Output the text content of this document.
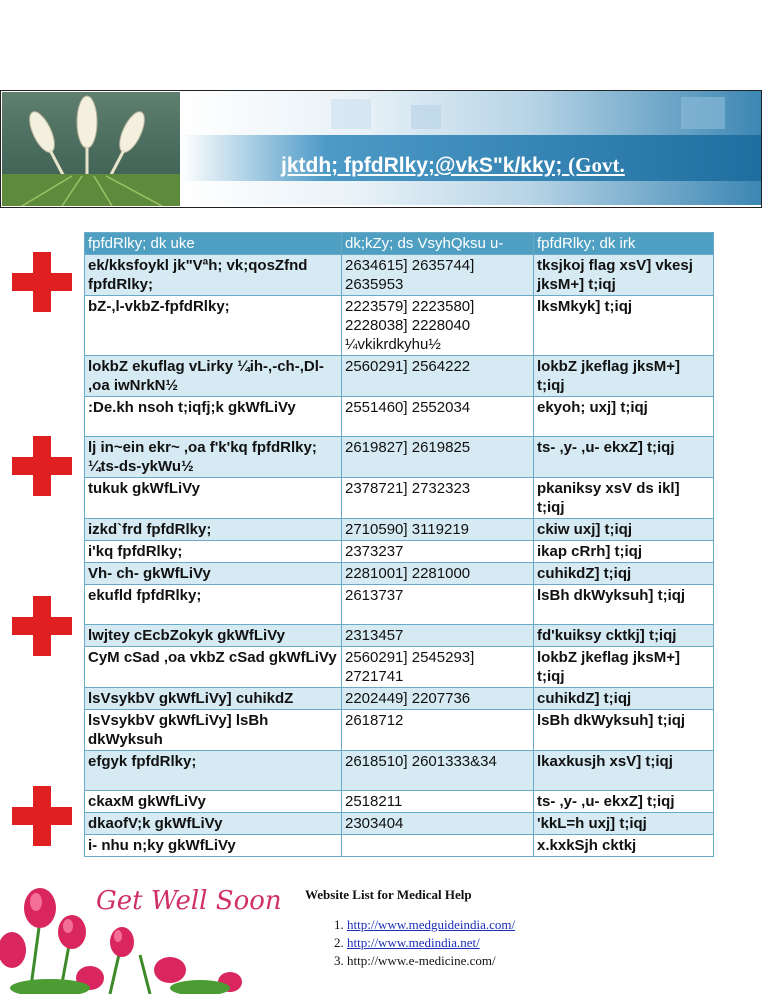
jktdh; fpfdRlky;@vkS"k/kky; (Govt.
fpfdRlky; dk uke	dk;kZy; ds VsyhQksu u-	fpfdRlky; dk irk
ek/kksfoykl jk"Vªh; vk;qosZfnd fpfdRlky;	2634615] 2635744] 2635953	tksjkoj flag xsV] vkesj jksM+] t;iqj
bZ-,l-vkbZ-fpfdRlky;	2223579] 2223580] 2228038] 2228040 ¼vkikrdkyhu½	lksMkyk] t;iqj
lokbZ ekuflag vLirky ¼ih-,-ch-,Dl- ,oa iwNrkN½	2560291] 2564222	lokbZ jkeflag jksM+] t;iqj
:De.kh nsoh t;iqfj;k gkWfLiVy	2551460] 2552034	ekyoh; uxj] t;iqj
lj in~ein ekr~ ,oa f'k'kq fpfdRlky; ¼ts-ds-ykWu½	2619827] 2619825	ts- ,y- ,u- ekxZ] t;iqj
tukuk gkWfLiVy	2378721] 2732323	pkaniksy xsV ds ikl] t;iqj
izkd`frd fpfdRlky;	2710590] 3119219	ckiw uxj] t;iqj
i'kq fpfdRlky;	2373237	ikap cRrh] t;iqj
Vh- ch- gkWfLiVy	2281001] 2281000	cuhikdZ] t;iqj
ekufld fpfdRlky;	2613737	lsBh dkWyksuh] t;iqj
lwjtey cEcbZokyk gkWfLiVy	2313457	fd'kuiksy cktkj] t;iqj
CyM cSad ,oa vkbZ cSad gkWfLiVy	2560291] 2545293] 2721741	lokbZ jkeflag jksM+] t;iqj
lsVsykbV gkWfLiVy] cuhikdZ	2202449] 2207736	cuhikdZ] t;iqj
lsVsykbV gkWfLiVy] lsBh dkWyksuh	2618712	lsBh dkWyksuh] t;iqj
efgyk fpfdRlky;	2618510] 2601333&34	lkaxkusjh xsV] t;iqj
ckaxM gkWfLiVy	2518211	ts- ,y- ,u- ekxZ] t;iqj
dkaofV;k gkWfLiVy	2303404	'kkL=h uxj] t;iqj
i- nhu n;ky gkWfLiVy		x.kxkSjh cktkj
Get Well Soon Website List for Medical Help
1. http://www.medguideindia.com/
2. http://www.medindia.net/
3. http://www.e-medicine.com/
